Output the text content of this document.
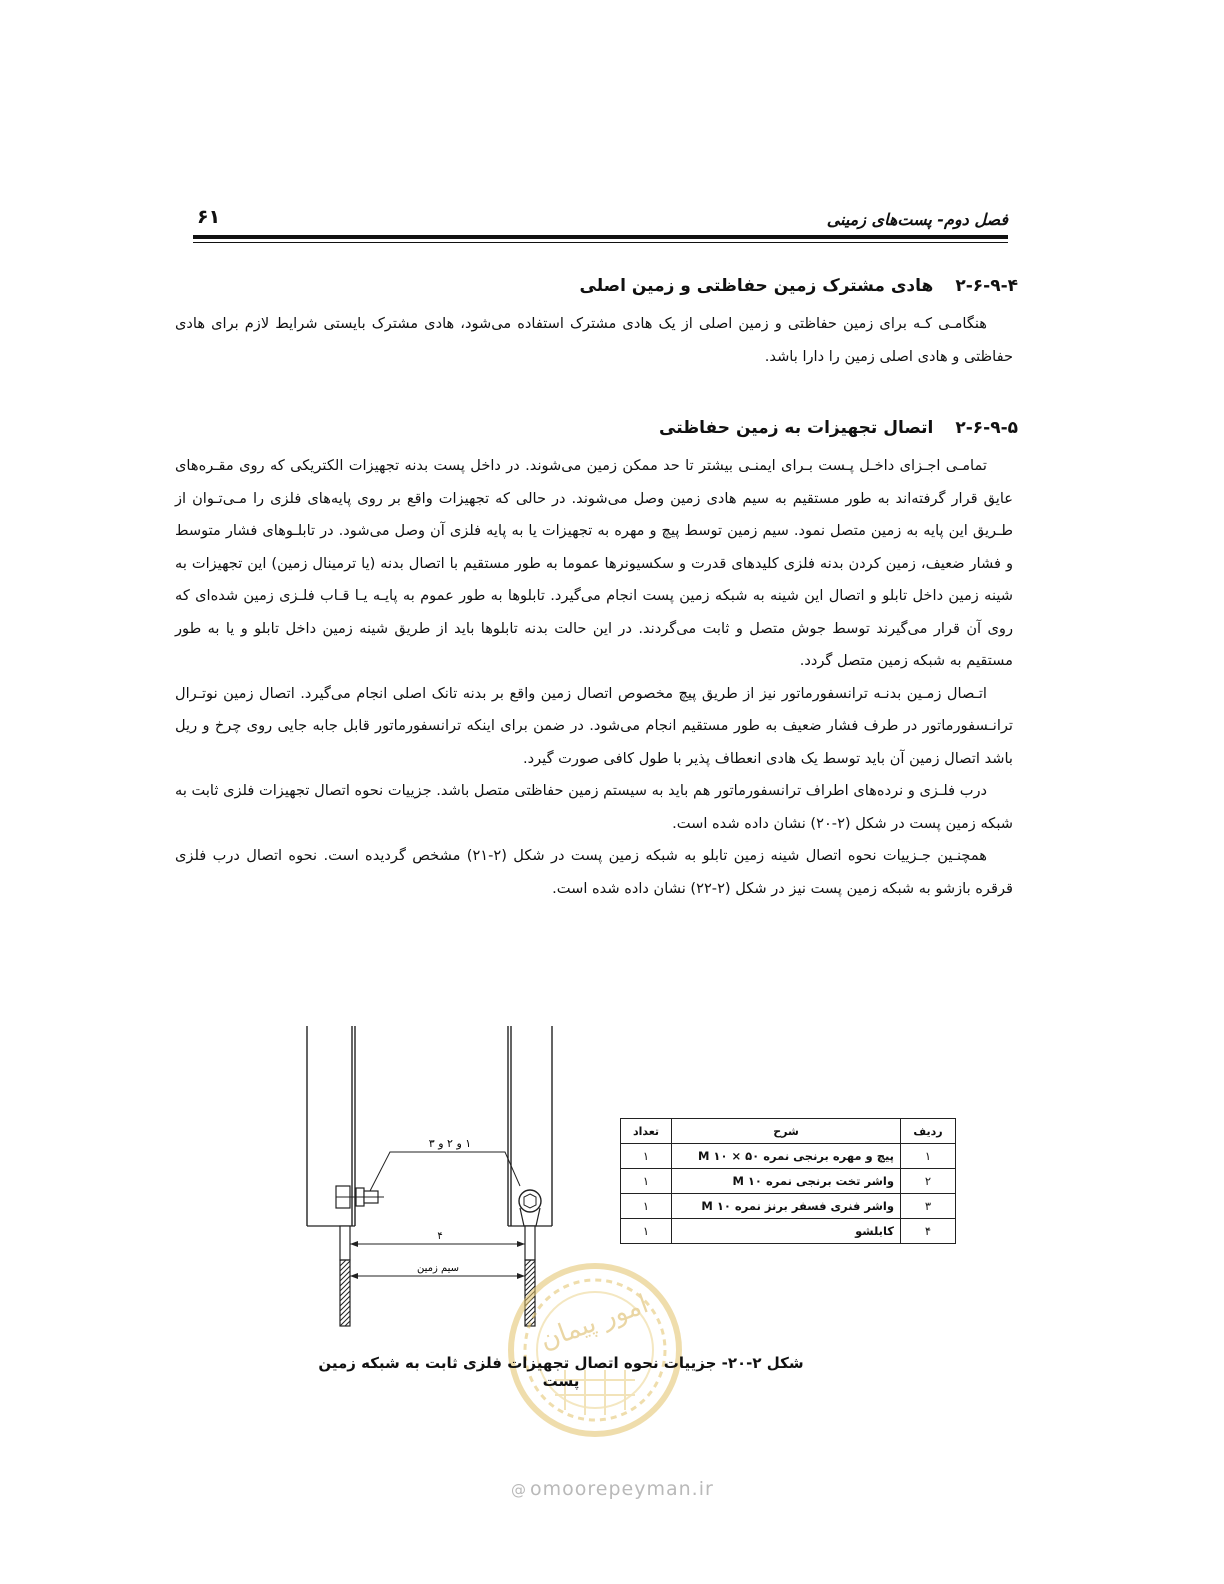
۶۱	فصل دوم- پست‌های زمینی

۲-۶-۹-۴هادی مشترک زمین حفاظتی و زمین اصلی

هنگامـی کـه برای زمین حفاظتی و زمین اصلی از یک هادی مشترک استفاده می‌شود، هادی مشترک بایستی شرایط لازم برای هادی حفاظتی و هادی اصلی زمین را دارا باشد.

۲-۶-۹-۵اتصال تجهیزات به زمین حفاظتی

تمامـی اجـزای داخـل پـست بـرای ایمنـی بیشتر تا حد ممکن زمین می‌شوند. در داخل پست بدنه تجهیزات الکتریکی که روی مقـره‌های عایق قرار گرفته‌اند به طور مستقیم به سیم هادی زمین وصل می‌شوند. در حالی که تجهیزات واقع بر روی پایه‌های فلزی را مـی‌تـوان از طـریق این پایه به زمین متصل نمود. سیم زمین توسط پیچ و مهره به تجهیزات یا به پایه فلزی آن وصل می‌شود. در تابلـوهای فشار متوسط و فشار ضعیف، زمین کردن بدنه فلزی کلیدهای قدرت و سکسیونرها عموما به طور مستقیم با اتصال بدنه (یا ترمینال زمین) این تجهیزات به شینه زمین داخل تابلو و اتصال این شینه به شبکه زمین پست انجام می‌گیرد. تابلوها به طور عموم به پایـه یـا قـاب فلـزی زمین شده‌ای که روی آن قرار می‌گیرند توسط جوش متصل و ثابت می‌گردند. در این حالت بدنه تابلوها باید از طریق شینه زمین داخل تابلو و یا به طور مستقیم به شبکه زمین متصل گردد.

اتـصال زمـین بدنـه ترانسفورماتور نیز از طریق پیچ مخصوص اتصال زمین واقع بر بدنه تانک اصلی انجام می‌گیرد. اتصال زمین نوتـرال ترانـسفورماتور در طرف فشار ضعیف به طور مستقیم انجام می‌شود. در ضمن برای اینکه ترانسفورماتور قابل جابه جایی روی چرخ و ریل باشد اتصال زمین آن باید توسط یک هادی انعطاف پذیر با طول کافی صورت گیرد.

درب فلـزی و نرده‌های اطراف ترانسفورماتور هم باید به سیستم زمین حفاظتی متصل باشد. جزییات نحوه اتصال تجهیزات فلزی ثابت به شبکه زمین پست در شکل (۲-۲۰) نشان داده شده است.

همچنـین جـزییات نحوه اتصال شینه زمین تابلو به شبکه زمین پست در شکل (۲-۲۱) مشخص گردیده است. نحوه اتصال درب فلزی قرقره بازشو به شبکه زمین پست نیز در شکل (۲-۲۲) نشان داده شده است.

۱ و ۲ و ۳
۴
سیم زمین
ردیف	شرح	تعداد
۱	پیچ و مهره برنجی نمره ۵۰ × M ۱۰	۱
۲	واشر تخت برنجی نمره M ۱۰	۱
۳	واشر فنری فسفر برنز نمره M ۱۰	۱
۴	کابلشو	۱
امور پیمان
شکل ۲-۲۰- جزییات نحوه اتصال تجهیزات فلزی ثابت به شبکه زمین پست
@ omoorepeyman.ir
